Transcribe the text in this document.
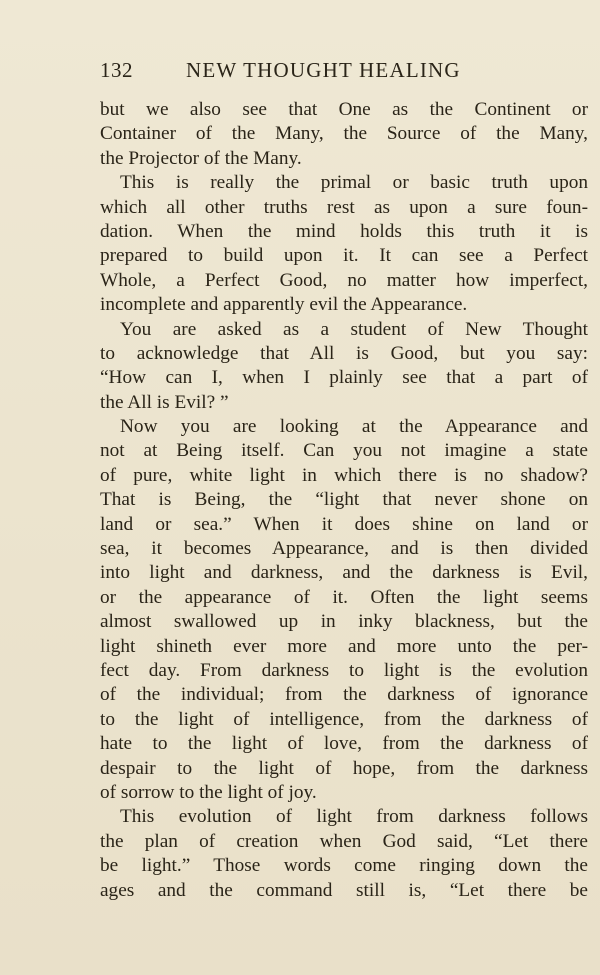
132	NEW THOUGHT HEALING
but we also see that One as the Continent or
Container of the Many, the Source of the Many,
the Projector of the Many.
This is really the primal or basic truth upon
which all other truths rest as upon a sure foun-
dation. When the mind holds this truth it is
prepared to build upon it. It can see a Perfect
Whole, a Perfect Good, no matter how imperfect,
incomplete and apparently evil the Appearance.
You are asked as a student of New Thought
to acknowledge that All is Good, but you say:
“How can I, when I plainly see that a part of
the All is Evil? ”
Now you are looking at the Appearance and
not at Being itself. Can you not imagine a state
of pure, white light in which there is no shadow?
That is Being, the “light that never shone on
land or sea.” When it does shine on land or
sea, it becomes Appearance, and is then divided
into light and darkness, and the darkness is Evil,
or the appearance of it. Often the light seems
almost swallowed up in inky blackness, but the
light shineth ever more and more unto the per-
fect day. From darkness to light is the evolution
of the individual; from the darkness of ignorance
to the light of intelligence, from the darkness of
hate to the light of love, from the darkness of
despair to the light of hope, from the darkness
of sorrow to the light of joy.
This evolution of light from darkness follows
the plan of creation when God said, “Let there
be light.” Those words come ringing down the
ages and the command still is, “Let there be
